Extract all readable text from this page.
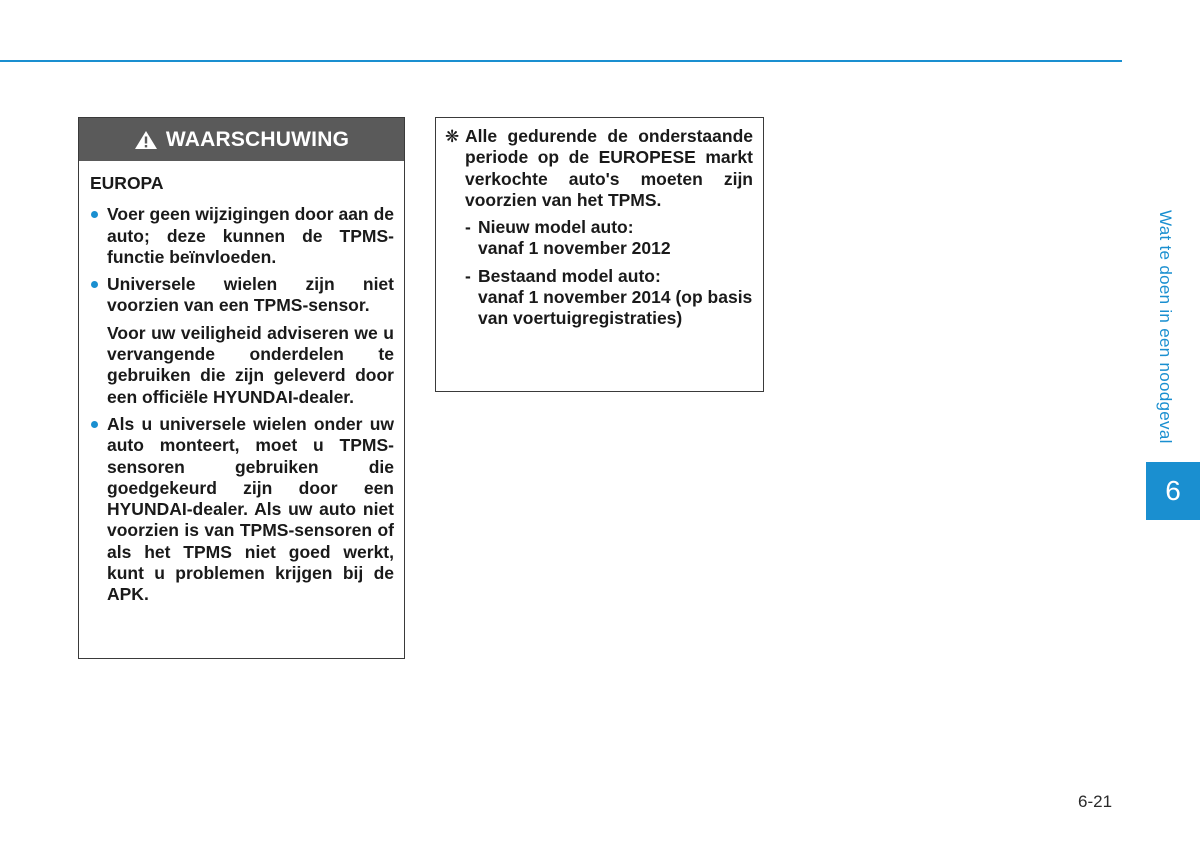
WAARSCHUWING
EUROPA
Voer geen wijzigingen door aan de auto; deze kunnen de TPMS-functie beïnvloeden.
Universele wielen zijn niet voorzien van een TPMS-sensor.
Voor uw veiligheid adviseren we u vervangende onderdelen te gebruiken die zijn geleverd door een officiële HYUNDAI-dealer.
Als u universele wielen onder uw auto monteert, moet u TPMS-sensoren gebruiken die goedgekeurd zijn door een HYUNDAI-dealer. Als uw auto niet voorzien is van TPMS-sensoren of als het TPMS niet goed werkt, kunt u problemen krijgen bij de APK.
❋ Alle gedurende de onderstaande periode op de EUROPESE markt verkochte auto's moeten zijn voorzien van het TPMS.
- Nieuw model auto:
vanaf 1 november 2012
- Bestaand model auto:
vanaf 1 november 2014 (op basis van voertuigregistraties)	Wat te doen in een noodgeval
6
6-21
